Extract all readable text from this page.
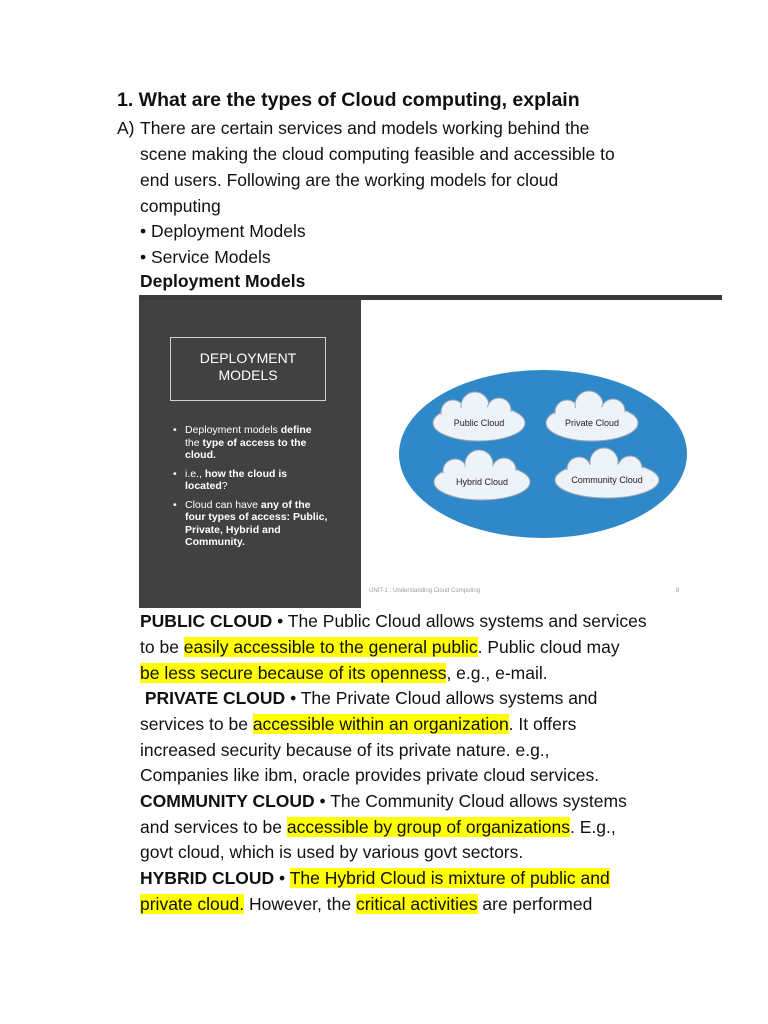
1. What are the types of Cloud computing, explain
A) There are certain services and models working behind the
scene making the cloud computing feasible and accessible to
end users. Following are the working models for cloud
computing
• Deployment Models
• Service Models
Deployment Models
DEPLOYMENT
MODELS
• Deployment models define
the type of access to the
cloud.
• i.e., how the cloud is
located?
• Cloud can have any of the
four types of access: Public,
Private, Hybrid and
Community.
Public Cloud	Private Cloud
Hybrid Cloud	Community Cloud
UNIT-1 : Understanding Cloud Computing	8
PUBLIC CLOUD • The Public Cloud allows systems and services
to be easily accessible to the general public. Public cloud may
be less secure because of its openness, e.g., e-mail.
PRIVATE CLOUD • The Private Cloud allows systems and
services to be accessible within an organization. It offers
increased security because of its private nature. e.g.,
Companies like ibm, oracle provides private cloud services.
COMMUNITY CLOUD • The Community Cloud allows systems
and services to be accessible by group of organizations. E.g.,
govt cloud, which is used by various govt sectors.
HYBRID CLOUD • The Hybrid Cloud is mixture of public and
private cloud. However, the critical activities are performed
